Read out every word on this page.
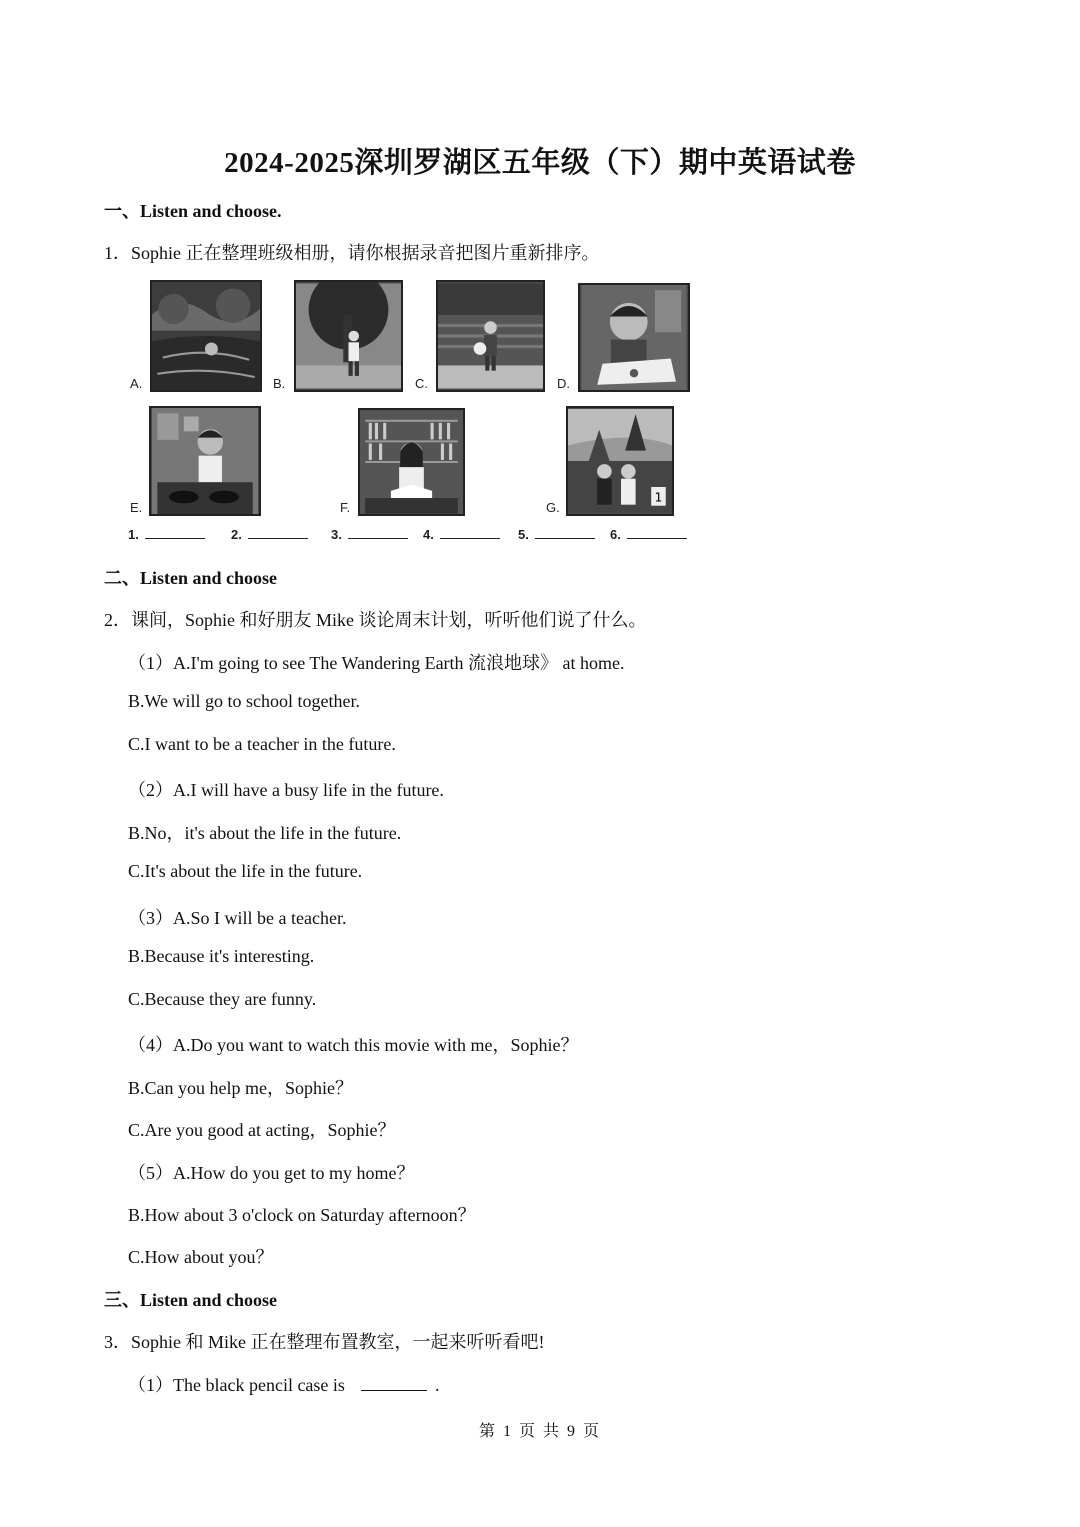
2024-2025深圳罗湖区五年级（下）期中英语试卷
一、Listen and choose.
1．Sophie 正在整理班级相册，请你根据录音把图片重新排序。
A.	B.	C.	D.
E.	F.
1
G.
1.	2.	3.	4.	5.	6.
二、Listen and choose
2．课间，Sophie 和好朋友 Mike 谈论周末计划，听听他们说了什么。
（1）A.I'm going to see The Wandering Earth 流浪地球》 at home.
B.We will go to school together.
C.I want to be a teacher in the future.
（2）A.I will have a busy life in the future.
B.No，it's about the life in the future.
C.It's about the life in the future.
（3）A.So I will be a teacher.
B.Because it's interesting.
C.Because they are funny.
（4）A.Do you want to watch this movie with me，Sophie？
B.Can you help me，Sophie？
C.Are you good at acting，Sophie？
（5）A.How do you get to my home？
B.How about 3 o'clock on Saturday afternoon？
C.How about you？
三、Listen and choose
3．Sophie 和 Mike 正在整理布置教室，一起来听听看吧!
（1）The black pencil case is	.
第 1 页 共 9 页
